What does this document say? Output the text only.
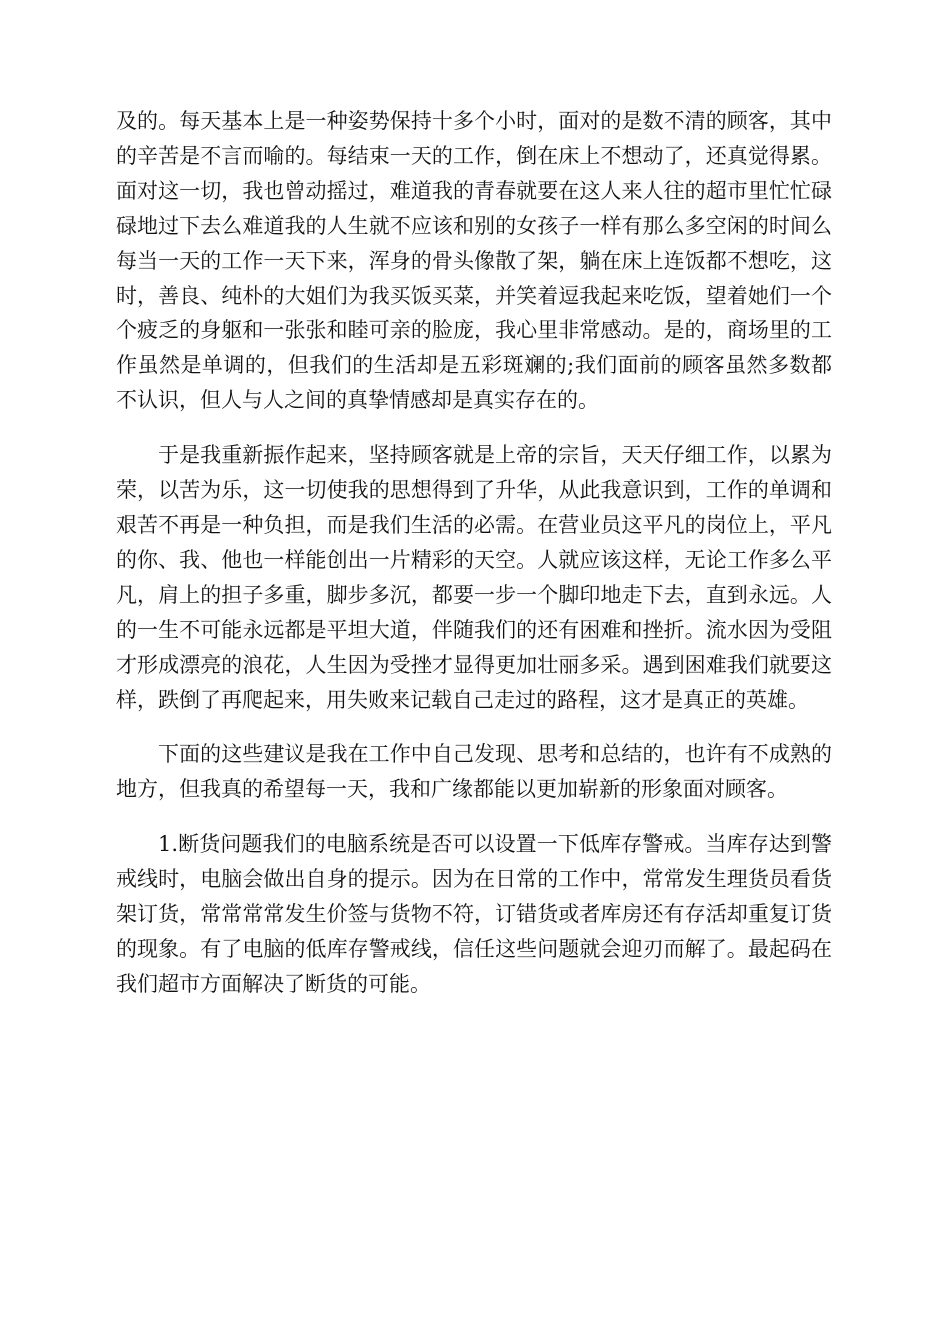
及的。每天基本上是一种姿势保持十多个小时，面对的是数不清的顾客，其中的辛苦是不言而喻的。每结束一天的工作，倒在床上不想动了，还真觉得累。面对这一切，我也曾动摇过，难道我的青春就要在这人来人往的超市里忙忙碌碌地过下去么难道我的人生就不应该和别的女孩子一样有那么多空闲的时间么每当一天的工作一天下来，浑身的骨头像散了架，躺在床上连饭都不想吃，这时，善良、纯朴的大姐们为我买饭买菜，并笑着逗我起来吃饭，望着她们一个个疲乏的身躯和一张张和睦可亲的脸庞，我心里非常感动。是的，商场里的工作虽然是单调的，但我们的生活却是五彩斑斓的;我们面前的顾客虽然多数都不认识，但人与人之间的真挚情感却是真实存在的。

于是我重新振作起来，坚持顾客就是上帝的宗旨，天天仔细工作，以累为荣，以苦为乐，这一切使我的思想得到了升华，从此我意识到，工作的单调和艰苦不再是一种负担，而是我们生活的必需。在营业员这平凡的岗位上，平凡的你、我、他也一样能创出一片精彩的天空。人就应该这样，无论工作多么平凡，肩上的担子多重，脚步多沉，都要一步一个脚印地走下去，直到永远。人的一生不可能永远都是平坦大道，伴随我们的还有困难和挫折。流水因为受阻才形成漂亮的浪花，人生因为受挫才显得更加壮丽多采。遇到困难我们就要这样，跌倒了再爬起来，用失败来记载自己走过的路程，这才是真正的英雄。

下面的这些建议是我在工作中自己发现、思考和总结的，也许有不成熟的地方，但我真的希望每一天，我和广缘都能以更加崭新的形象面对顾客。

1.断货问题我们的电脑系统是否可以设置一下低库存警戒。当库存达到警戒线时，电脑会做出自身的提示。因为在日常的工作中，常常发生理货员看货架订货，常常常常发生价签与货物不符，订错货或者库房还有存活却重复订货的现象。有了电脑的低库存警戒线，信任这些问题就会迎刃而解了。最起码在我们超市方面解决了断货的可能。
